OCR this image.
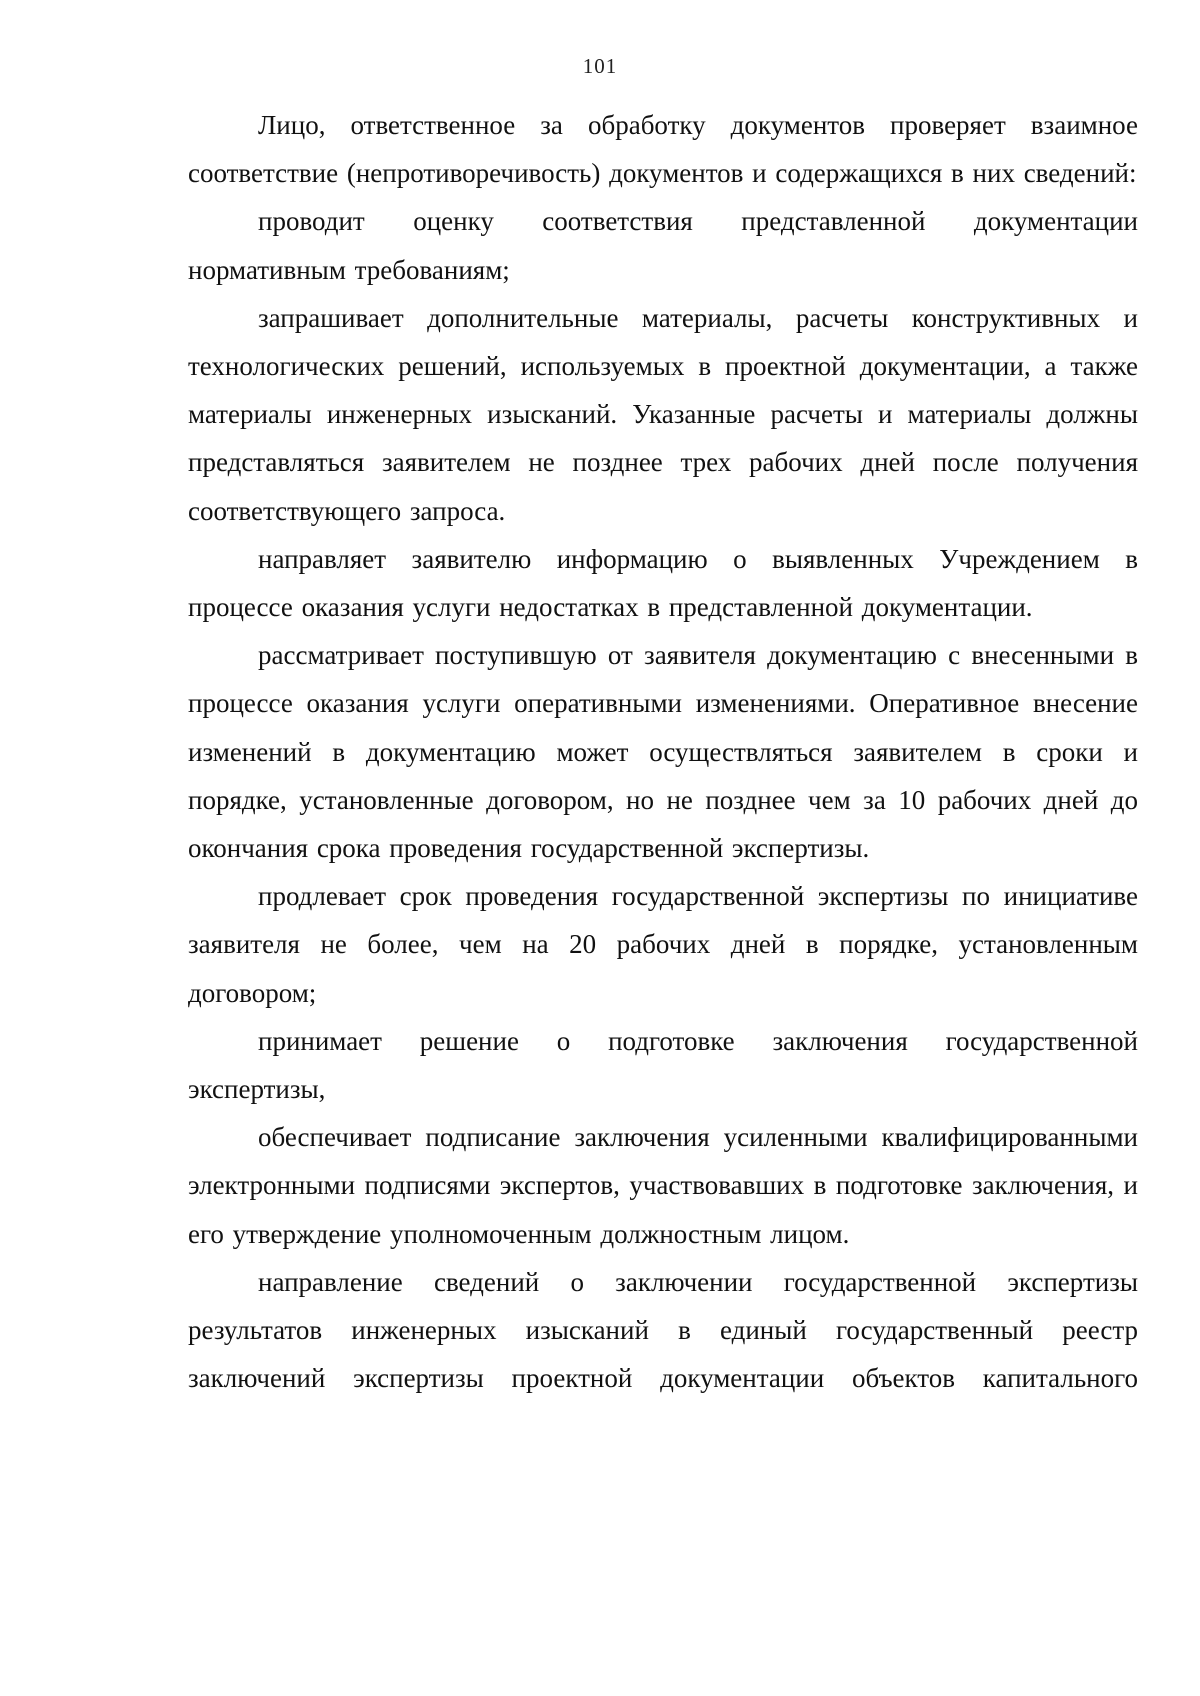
101

Лицо, ответственное за обработку документов проверяет взаимное соответствие (непротиворечивость) документов и содержащихся в них сведений:

проводит оценку соответствия представленной документации нормативным требованиям;

запрашивает дополнительные материалы, расчеты конструктивных и технологических решений, используемых в проектной документации, а также материалы инженерных изысканий. Указанные расчеты и материалы должны представляться заявителем не позднее трех рабочих дней после получения соответствующего запроса.

направляет заявителю информацию о выявленных Учреждением в процессе оказания услуги недостатках в представленной документации.

рассматривает поступившую от заявителя документацию с внесенными в процессе оказания услуги оперативными изменениями. Оперативное внесение изменений в документацию может осуществляться заявителем в сроки и порядке, установленные договором, но не позднее чем за 10 рабочих дней до окончания срока проведения государственной экспертизы.

продлевает срок проведения государственной экспертизы по инициативе заявителя не более, чем на 20 рабочих дней в порядке, установленным договором;

принимает решение о подготовке заключения государственной экспертизы,

обеспечивает подписание заключения усиленными квалифицированными электронными подписями экспертов, участвовавших в подготовке заключения, и его утверждение уполномоченным должностным лицом.

направление сведений о заключении государственной экспертизы результатов инженерных изысканий в единый государственный реестр заключений экспертизы проектной документации объектов капитального
